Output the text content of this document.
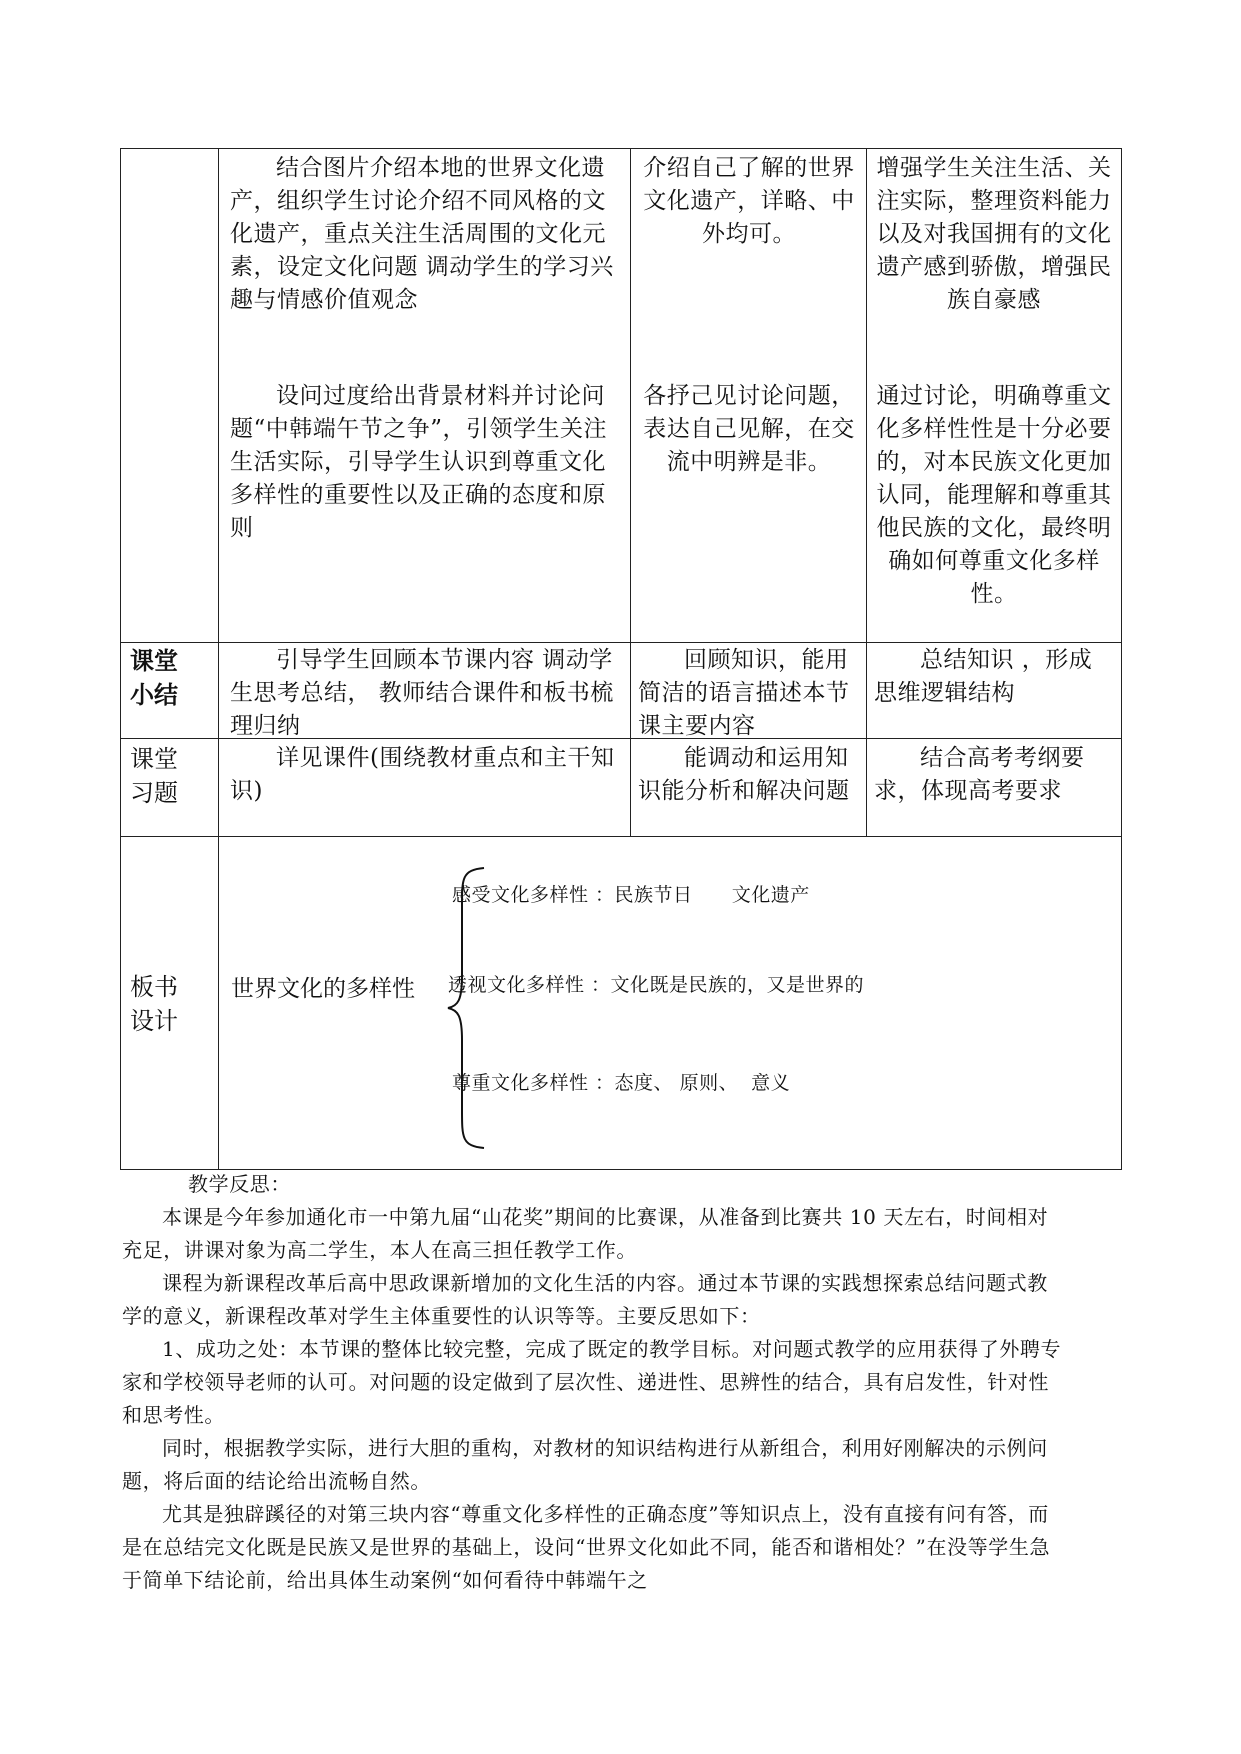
结合图片介绍本地的世界文化遗产，组织学生讨论介绍不同风格的文化遗产，重点关注生活周围的文化元素，设定文化问题 调动学生的学习兴趣与情感价值观念

介绍自己了解的世界文化遗产，详略、中外均可。

增强学生关注生活、关注实际，整理资料能力以及对我国拥有的文化遗产感到骄傲，增强民族自豪感

设问过度给出背景材料并讨论问题“中韩端午节之争”，引领学生关注生活实际，引导学生认识到尊重文化多样性的重要性以及正确的态度和原则

各抒己见讨论问题，表达自己见解，在交流中明辨是非。

通过讨论，明确尊重文化多样性性是十分必要的，对本民族文化更加认同，能理解和尊重其他民族的文化，最终明确如何尊重文化多样性。

课堂
小结

引导学生回顾本节课内容 调动学生思考总结， 教师结合课件和板书梳理归纳

回顾知识，能用简洁的语言描述本节课主要内容

总结知识 ，形成思维逻辑结构

课堂
习题

详见课件(围绕教材重点和主干知识)

能调动和运用知识能分析和解决问题

结合高考考纲要求，体现高考要求

板书
设计
世界文化的多样性
感受文化多样性 ：民族节日      文化遗产
透视文化多样性 ：文化既是民族的，又是世界的
尊重文化多样性 ：态度、 原则、  意义

教学反思：

本课是今年参加通化市一中第九届“山花奖”期间的比赛课，从准备到比赛共 10 天左右，时间相对充足，讲课对象为高二学生，本人在高三担任教学工作。

课程为新课程改革后高中思政课新增加的文化生活的内容。通过本节课的实践想探索总结问题式教学的意义，新课程改革对学生主体重要性的认识等等。主要反思如下：

1、成功之处：本节课的整体比较完整，完成了既定的教学目标。对问题式教学的应用获得了外聘专家和学校领导老师的认可。对问题的设定做到了层次性、递进性、思辨性的结合，具有启发性，针对性和思考性。

同时，根据教学实际，进行大胆的重构，对教材的知识结构进行从新组合，利用好刚解决的示例问题，将后面的结论给出流畅自然。

尤其是独辟蹊径的对第三块内容“尊重文化多样性的正确态度”等知识点上，没有直接有问有答，而是在总结完文化既是民族又是世界的基础上，设问“世界文化如此不同，能否和谐相处？”在没等学生急于简单下结论前，给出具体生动案例“如何看待中韩端午之
